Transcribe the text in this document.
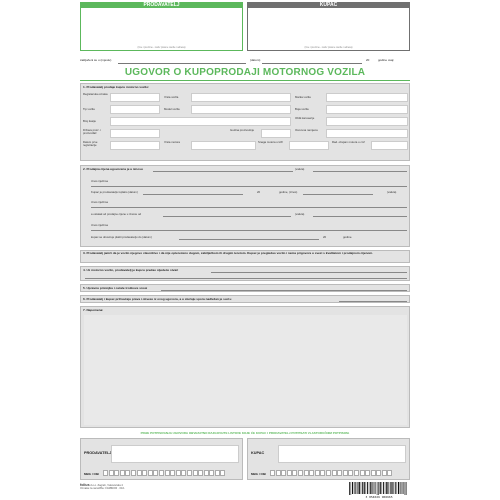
PRODAVATELJ	KUPAC
(Ime i prezime - naziv pravne osobe i adresa)	(Ime i prezime - naziv pravne osobe i adresa)
zaključeni su u (mjestu)	(datum)	20	godine ovaj:
UGOVOR O KUPOPRODAJI MOTORNOG VOZILA
1. Prodavatelj prodaje kupcu motorno vozilo:
Registarska oznaka
Vrsta vozila	Marka vozila
Tip vozila	Model vozila	Boja vozila
Broj šasije
Oblik karoserije
Država proiz. i proizvođač
Godina proizvodnje	Osnovna namjena
Datum prve registracije
Vrsta motora	Snaga motora u kW	Rad. obujam motora u cm³
2. Prodajna cijena ugovorena je u iznosu	(valuta)
iznos riječima
Kupac je prodavatelju isplatio (datum)	20	godine, (iznos)	(valuta)
iznos riječima
a ostatak od prodajne cijene u iznosu od	(valuta)
iznos riječima
kupac se obvezuje platiti prodavatelju do (datum)	20	godine.
3. Prodavatelj jamči da je vozilo njegovo vlasništvo i da nije opterećeno dugom, zabiljažbom ili drugim teretom. Kupac je pregledao vozilo i nema prigovora u svezi s kvalitetom i prodajnom cijenom.
4. Uz motorno vozilo, prodavatelj je kupcu predao sljedeće stvari
5. Upravnu pristojbu i ostale troškove snosi
6. Prodavatelj i kupac prihvaćaju prava i obveze iz ovog ugovora, a u slučaju spora nadležan je sud u
7. Napomena:
PRIJE POTPISIVANJA UGOVORA OBVEZATNO RAZGOVIJTE LISTOVE KOJE ĆE KUPAC I PRODAVATELJ POTPISATI VLASTORUČNIM POTPISOM.
PRODAVATELJ
MBG / OIB
KUPAC
MBG / OIB
folius d.o.o. Zagreb, Vukovarska 4
Oznaka za narudžbu: FA38NOR · 01/1
3 854026 906665
